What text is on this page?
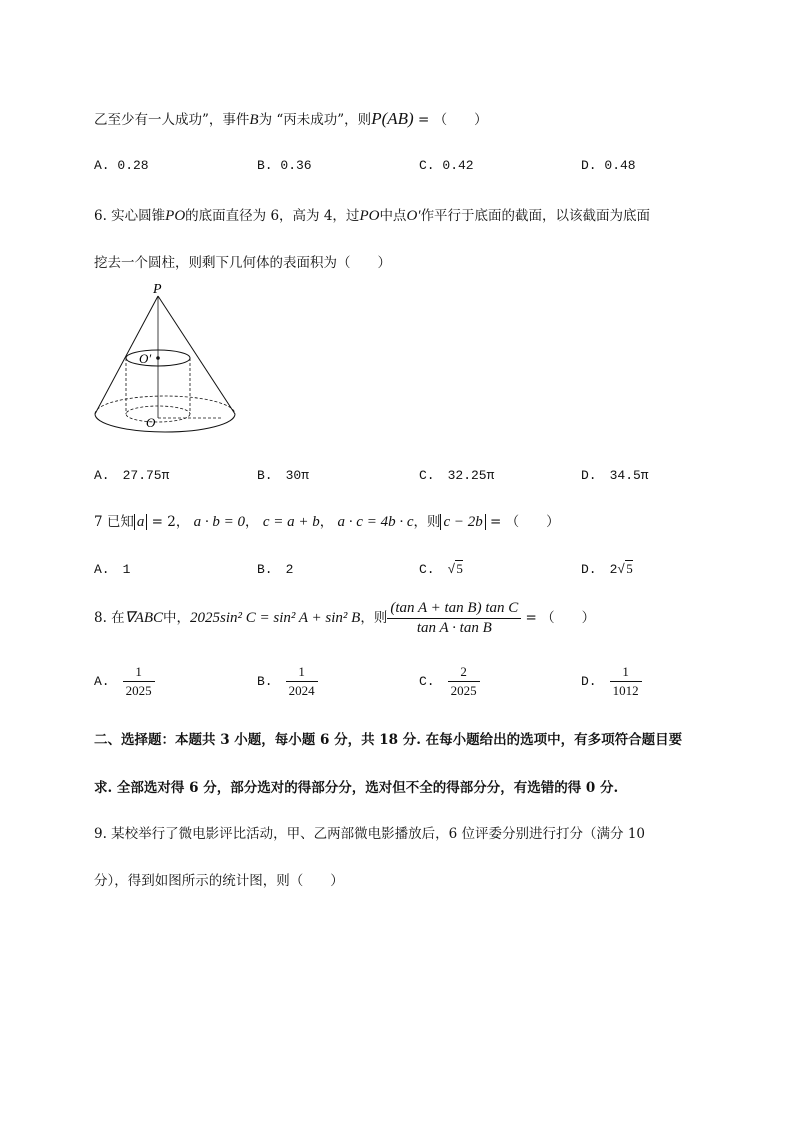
乙至少有一人成功”，事件B为 “丙未成功”，则P(AB) = （　　）
A. 0.28	B. 0.36	C. 0.42	D. 0.48
6. 实心圆锥PO的底面直径为 6，高为 4，过PO中点O′作平行于底面的截面，以该截面为底面
挖去一个圆柱，则剩下几何体的表面积为（　　）
P
O′
O
A.　27.75π	B.　30π	C.　32.25π	D.　34.5π
7 已知 a = 2， a · b = 0， c = a + b， a · c = 4b · c，则 c − 2b = （　　）
A.　1	B.　2	C.　√5	D.　2√5
8. 在∇ABC中，2025sin² C = sin² A + sin² B，则 $\frac{\text{(tan A + tan B) tan C}}{\text{tan A · tan B}}$ = （　　）
A.　 $\frac{1}{2025}$	B.　 $\frac{1}{2024}$	C.　 $\frac{2}{2025}$	D.　 $\frac{1}{1012}$
二、选择题：本题共 3 小题，每小题 6 分，共 18 分. 在每小题给出的选项中，有多项符合题目要
求. 全部选对得 6 分，部分选对的得部分分，选对但不全的得部分分，有选错的得 0 分.
9. 某校举行了微电影评比活动，甲、乙两部微电影播放后，6 位评委分别进行打分（满分 10
分），得到如图所示的统计图，则（　　）
